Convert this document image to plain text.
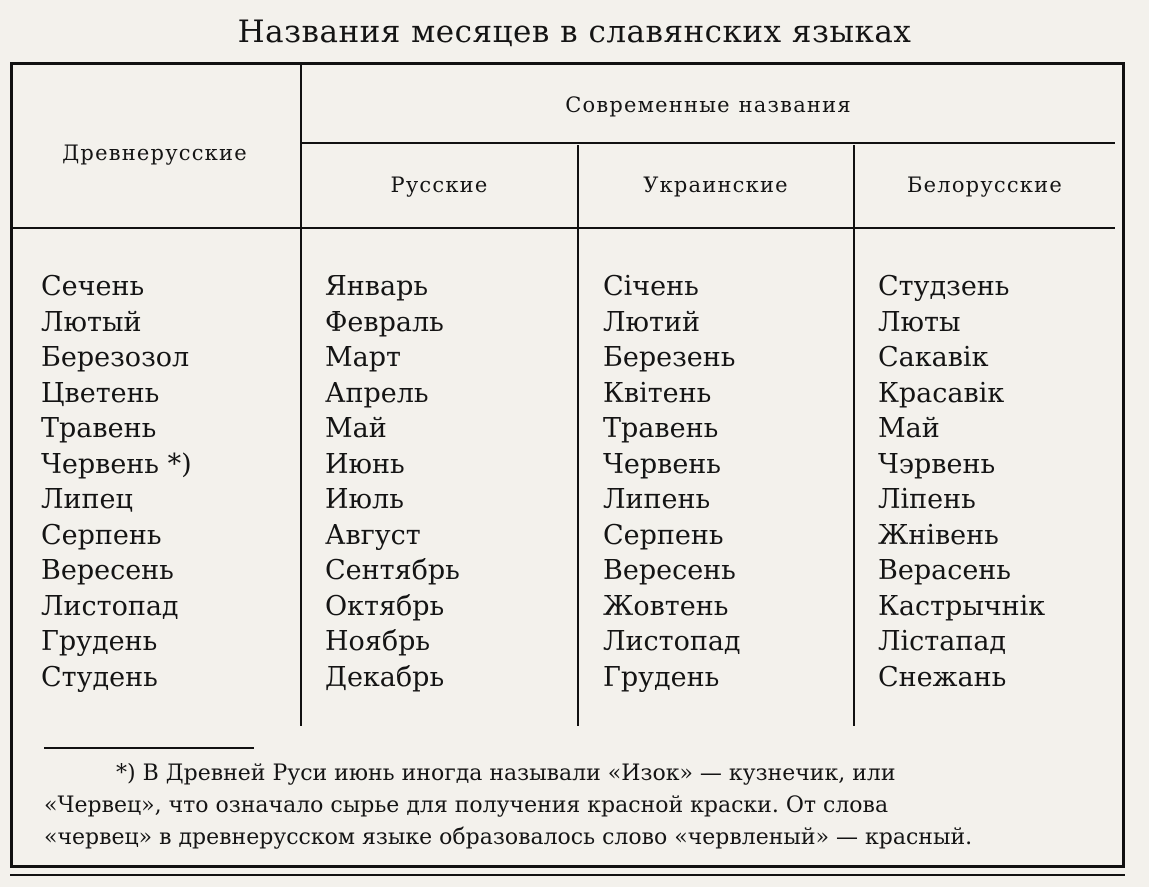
Названия месяцев в славянских языках
Древнерусские
Современные названия
Русские	Украинские	Белорусские
Сечень
Лютый
Березозол
Цветень
Травень
Червень *)
Липец
Серпень
Вересень
Листопад
Грудень
Студень
Январь
Февраль
Март
Апрель
Май
Июнь
Июль
Август
Сентябрь
Октябрь
Ноябрь
Декабрь
Січень
Лютий
Березень
Квітень
Травень
Червень
Липень
Серпень
Вересень
Жовтень
Листопад
Грудень
Студзень
Люты
Сакавік
Красавік
Май
Чэрвень
Ліпень
Жнівень
Верасень
Кастрычнік
Лістапад
Снежань
*) В Древней Руси июнь иногда называли «Изок» — кузнечик, или
«Червец», что означало сырье для получения красной краски. От слова
«червец» в древнерусском языке образовалось слово «червленый» — красный.
